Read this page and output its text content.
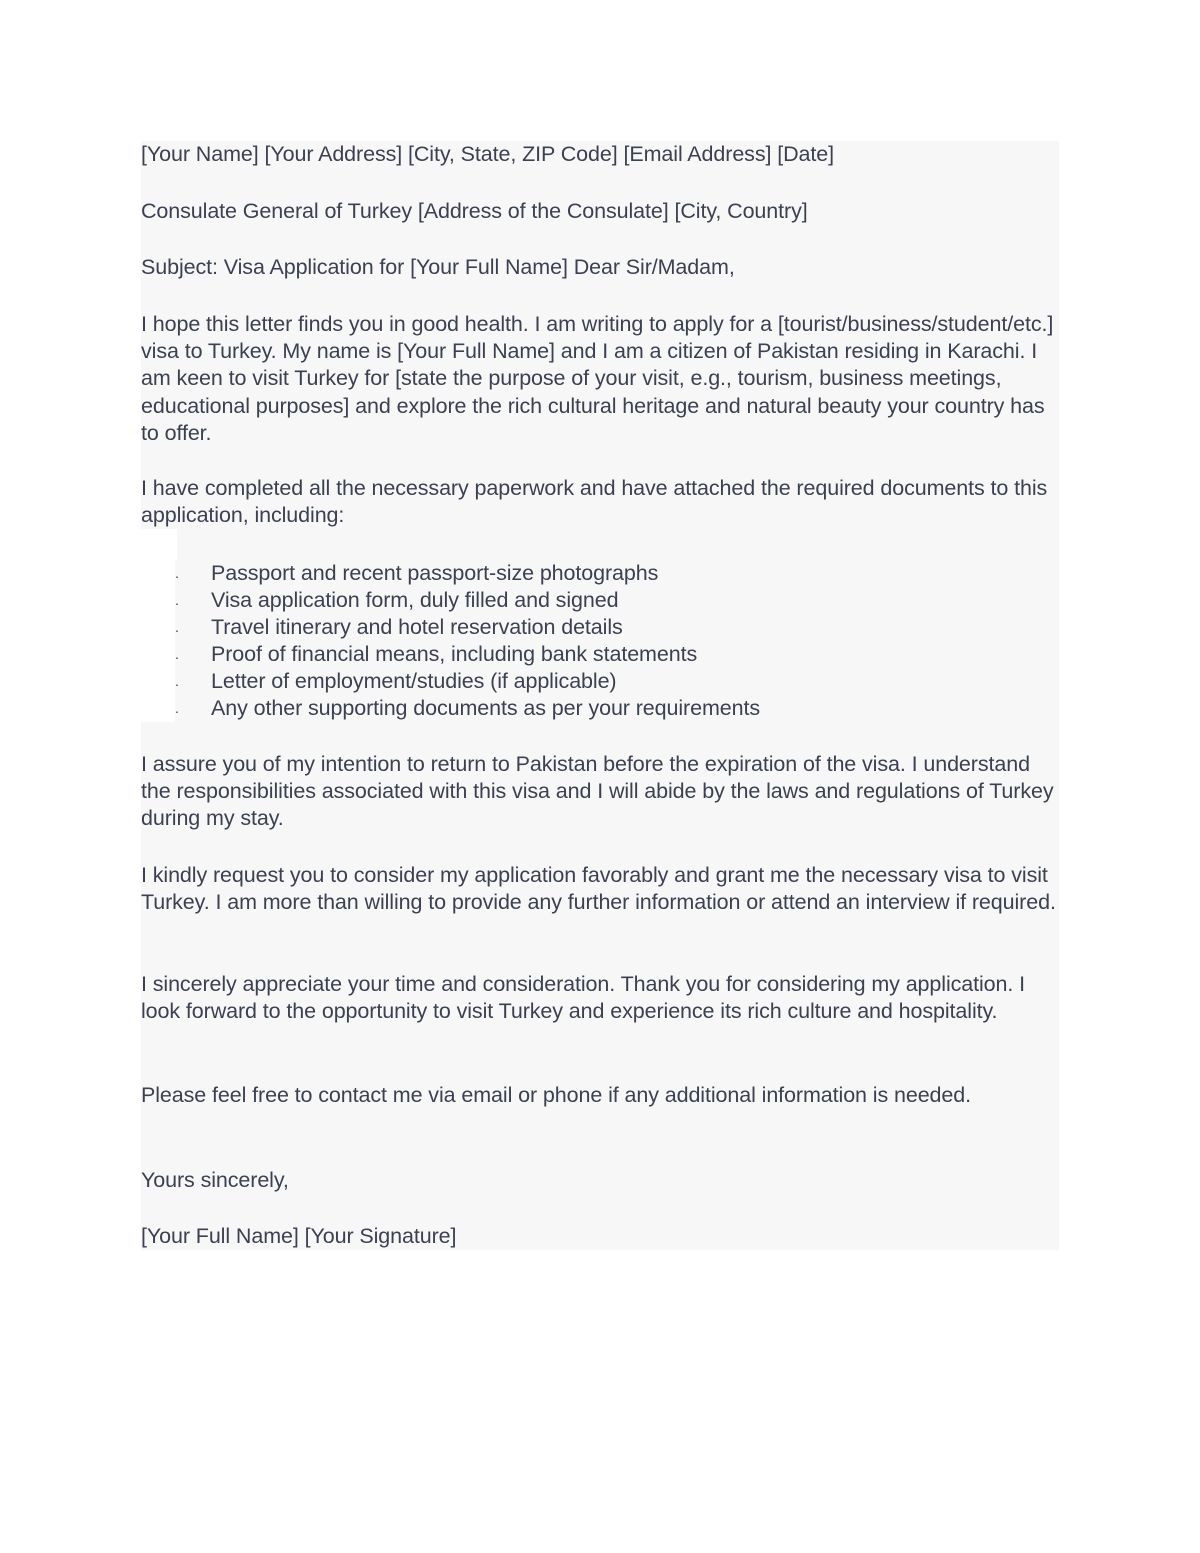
[Your Name] [Your Address] [City, State, ZIP Code] [Email Address] [Date]

Consulate General of Turkey [Address of the Consulate] [City, Country]

Subject: Visa Application for [Your Full Name] Dear Sir/Madam,

I hope this letter finds you in good health. I am writing to apply for a [tourist/business/student/etc.] visa to Turkey. My name is [Your Full Name] and I am a citizen of Pakistan residing in Karachi. I am keen to visit Turkey for [state the purpose of your visit, e.g., tourism, business meetings, educational purposes] and explore the rich cultural heritage and natural beauty your country has to offer.

I have completed all the necessary paperwork and have attached the required documents to this application, including:

. Passport and recent passport-size photographs
. Visa application form, duly filled and signed
. Travel itinerary and hotel reservation details
. Proof of financial means, including bank statements
. Letter of employment/studies (if applicable)
. Any other supporting documents as per your requirements

I assure you of my intention to return to Pakistan before the expiration of the visa. I understand the responsibilities associated with this visa and I will abide by the laws and regulations of Turkey during my stay.

I kindly request you to consider my application favorably and grant me the necessary visa to visit Turkey. I am more than willing to provide any further information or attend an interview if required.

I sincerely appreciate your time and consideration. Thank you for considering my application. I look forward to the opportunity to visit Turkey and experience its rich culture and hospitality.

Please feel free to contact me via email or phone if any additional information is needed.

Yours sincerely,

[Your Full Name] [Your Signature]
